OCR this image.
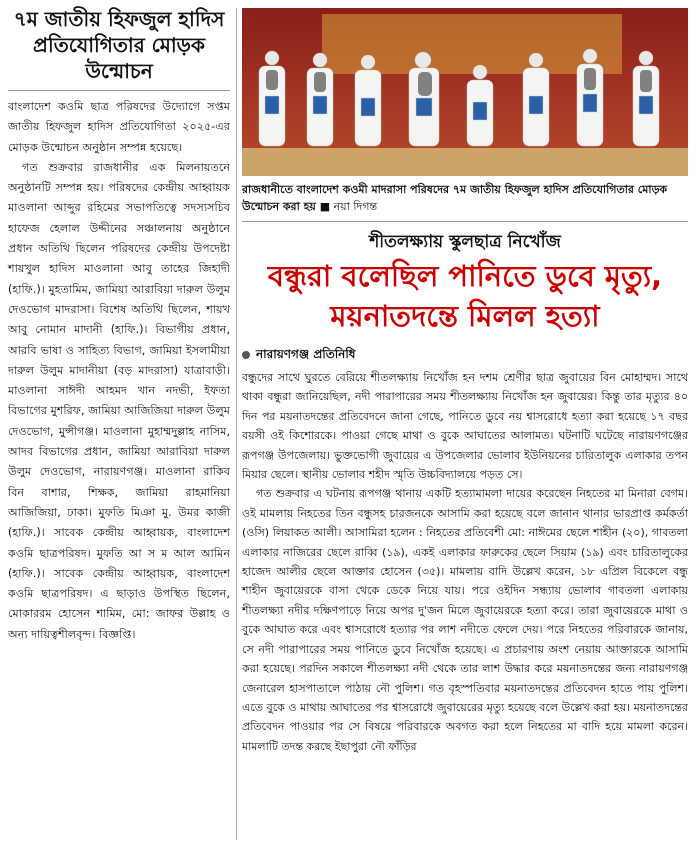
৭ম জাতীয় হিফজুল হাদিস প্রতিযোগিতার মোড়ক উন্মোচন

বাংলাদেশ কওমি ছাত্র পরিষদের উদ্যোগে সপ্তম জাতীয় হিফজুল হাদিস প্রতিযোগিতা ২০২৫-এর মোড়ক উন্মোচন অনুষ্ঠান সম্পন্ন হয়েছে।

গত শুক্রবার রাজধানীর এক মিলনায়তনে অনুষ্ঠানটি সম্পন্ন হয়। পরিষদের কেন্দ্রীয় আহ্বায়ক মাওলানা আব্দুর রহিমের সভাপতিত্বে সদস্যসচিব হাফেজ হেলাল উদ্দীনের সঞ্চালনায় অনুষ্ঠানে প্রধান অতিথি ছিলেন পরিষদের কেন্দ্রীয় উপদেষ্টা শায়খুল হাদিস মাওলানা আবু তাহের জিহাদী (হাফি.)। মুহতামিম, জামিয়া আরাবিয়া দারুল উলুম দেওভোগ মাদরাসা। বিশেষ অতিথি ছিলেন, শায়খ আবু নোমান মাদানী (হাফি.)। বিভাগীয় প্রধান, আরবি ভাষা ও সাহিত্য বিভাগ, জামিয়া ইসলামীয়া দারুল উলুম মাদানীয়া (বড় মাদরাসা) যাত্রাবাড়ী। মাওলানা সাঈদী আহমদ খান নদভী, ইফতা বিভাগের মুশরিফ, জামিয়া আজিজিয়া দারুল উলুম দেওভোগ, মুন্সীগঞ্জ। মাওলানা মুহাম্মদুল্লাহ নাসিম, আদব বিভাগের প্রধান, জামিয়া আরাবিয়া দারুল উলুম দেওভোগ, নারায়ণগঞ্জ। মাওলানা রাকিব বিন বাশার, শিক্ষক, জামিয়া রাহমানিয়া আজিজিয়া, ঢাকা। মুফতি মিঞা মু. উমর কাজী (হাফি.)। সাবেক কেন্দ্রীয় আহ্বায়ক, বাংলাদেশ কওমি ছাত্রপরিষদ। মুফতি আ স ম আল আমিন (হাফি.)। সাবেক কেন্দ্রীয় আহ্বায়ক, বাংলাদেশ কওমি ছাত্রপরিষদ। এ ছাড়াও উপস্থিত ছিলেন, মোকাররম হোসেন শামিম, মো: জাফর উল্লাহ ও অন্য দায়িত্বশীলবৃন্দ। বিজ্ঞপ্তি।

রাজধানীতে বাংলাদেশ কওমী মাদরাসা পরিষদের ৭ম জাতীয় হিফজুল হাদিস প্রতিযোগিতার মোড়ক উন্মোচন করা হয় ■ নয়া দিগন্ত
শীতলক্ষ্যায় স্কুলছাত্র নিখোঁজ
বন্ধুরা বলেছিল পানিতে ডুবে মৃত্যু, ময়নাতদন্তে মিলল হত্যা
নারায়ণগঞ্জ প্রতিনিধি

বন্ধুদের সাথে ঘুরতে বেরিয়ে শীতলক্ষ্যায় নিখোঁজ হন দশম শ্রেণীর ছাত্র জুবায়ের বিন মোহাম্মদ। সাথে থাকা বন্ধুরা জানিয়েছিল, নদী পারাপারের সময় শীতলক্ষ্যায় নিখোঁজ হন জুবায়ের। কিন্তু তার মৃত্যুর ৪০ দিন পর ময়নাতদন্তের প্রতিবেদনে জানা গেছে, পানিতে ডুবে নয় শ্বাসরোধে হত্যা করা হয়েছে ১৭ বছর বয়সী ওই কিশোরকে। পাওয়া গেছে মাথা ও বুকে আঘাতের আলামত। ঘটনাটি ঘটেছে নারায়ণগঞ্জের রূপগঞ্জ উপজেলায়। ভুক্তভোগী জুবায়ের এ উপজেলার ভোলাব ইউনিয়নের চারিতালুক এলাকার তপন মিয়ার ছেলে। স্থানীয় ভোলাব শহীদ স্মৃতি উচ্চবিদ্যালয়ে পড়ত সে।

গত শুক্রবার এ ঘটনায় রূপগঞ্জ থানায় একটি হত্যামামলা দায়ের করেছেন নিহতের মা মিনারা বেগম। ওই মামলায় নিহতের তিন বন্ধুসহ চারজনকে আসামি করা হয়েছে বলে জানান থানার ভারপ্রাপ্ত কর্মকর্তা (ওসি) লিয়াকত আলী। আসামিরা হলেন : নিহতের প্রতিবেশী মো: নাঈমের ছেলে শাহীন (২০), গাবতলা এলাকার নাজিরের ছেলে রাব্বি (১৯), একই এলাকার ফারুকের ছেলে সিয়াম (১৯) এবং চারিতালুকের হাজেদ আলীর ছেলে আক্তার হোসেন (৩৫)। মামলায় বাদি উল্লেখ করেন, ১৮ এপ্রিল বিকেলে বন্ধু শাহীন জুবায়েরকে বাসা থেকে ডেকে নিয়ে যায়। পরে ওইদিন সন্ধ্যায় ভোলাব গাবতলা এলাকায় শীতলক্ষ্যা নদীর দক্ষিণপাড়ে নিয়ে অপর দু'জন মিলে জুবায়েরকে হত্যা করে। তারা জুবায়েরকে মাথা ও বুকে আঘাত করে এবং শ্বাসরোধে হত্যার পর লাশ নদীতে ফেলে দেয়। পরে নিহতের পরিবারকে জানায়, সে নদী পারাপারের সময় পানিতে ডুবে নিখোঁজ হয়েছে। এ প্রচারণায় অংশ নেয়ায় আক্তারকে আসামি করা হয়েছে। পরদিন সকালে শীতলক্ষ্যা নদী থেকে তার লাশ উদ্ধার করে ময়নাতদন্তের জন্য নারায়ণগঞ্জ জেনারেল হাসপাতালে পাঠায় নৌ পুলিশ। গত বৃহস্পতিবার ময়নাতদন্তের প্রতিবেদন হাতে পায় পুলিশ। এতে বুকে ও মাথায় আঘাতের পর শ্বাসরোধে জুবায়েরের মৃত্যু হয়েছে বলে উল্লেখ করা হয়। ময়নাতদন্তের প্রতিবেদন পাওয়ার পর সে বিষয়ে পরিবারকে অবগত করা হলে নিহতের মা বাদি হয়ে মামলা করেন। মামলাটি তদন্ত করছে ইছাপুরা নৌ ফাঁড়ির
